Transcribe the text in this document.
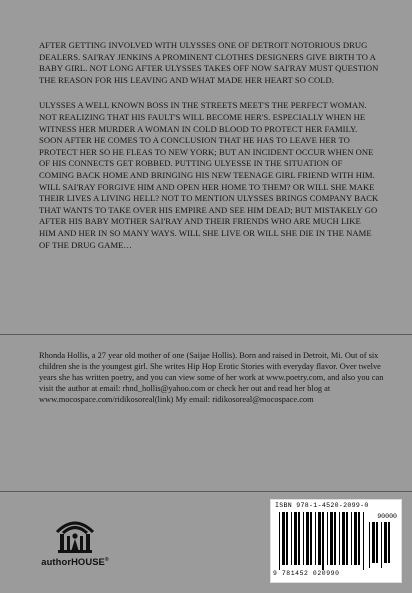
AFTER GETTING INVOLVED WITH ULYSSES ONE OF DETROIT NOTORIOUS DRUG DEALERS. SAI'RAY JENKINS A PROMINENT CLOTHES DESIGNERS GIVE BIRTH TO A BABY GIRL. NOT LONG AFTER ULYSSES TAKES OFF NOW SAI'RAY MUST QUESTION THE REASON FOR HIS LEAVING AND WHAT MADE HER HEART SO COLD.

ULYSSES A WELL KNOWN BOSS IN THE STREETS MEET'S THE PERFECT WOMAN. NOT REALIZING THAT HIS FAULT'S WILL BECOME HER'S. ESPECIALLY WHEN HE WITNESS HER MURDER A WOMAN IN COLD BLOOD TO PROTECT HER FAMILY. SOON AFTER HE COMES TO A CONCLUSION THAT HE HAS TO LEAVE HER TO PROTECT HER SO HE FLEAS TO NEW YORK; BUT AN INCIDENT OCCUR WHEN ONE OF HIS CONNECTS GET ROBBED. PUTTING ULYESSE IN THE SITUATION OF COMING BACK HOME AND BRINGING HIS NEW TEENAGE GIRL FRIEND WITH HIM. WILL SAI'RAY FORGIVE HIM AND OPEN HER HOME TO THEM? OR WILL SHE MAKE THEIR LIVES A LIVING HELL? NOT TO MENTION ULYSSES BRINGS COMPANY BACK THAT WANTS TO TAKE OVER HIS EMPIRE AND SEE HIM DEAD; BUT MISTAKELY GO AFTER HIS BABY MOTHER SAI'RAY AND THEIR FRIENDS WHO ARE MUCH LIKE HIM AND HER IN SO MANY WAYS. WILL SHE LIVE OR WILL SHE DIE IN THE NAME OF THE DRUG GAME…

Rhonda Hollis, a 27 year old mother of one (Saijae Hollis). Born and raised in Detroit, Mi. Out of six children she is the youngest girl. She writes Hip Hop Erotic Stories with everyday flavor. Over twelve years she has written poetry, and you can view some of her work at www.poetry.com, and also you can visit the author at email: rhnd_hollis@yahoo.com or check her out and read her blog at www.mocospace.com/ridikosoreal(link) My email: ridikosoreal@mocospace.com

authorHOUSE®
ISBN 978-1-4520-2099-0
90000
9 781452 020990
